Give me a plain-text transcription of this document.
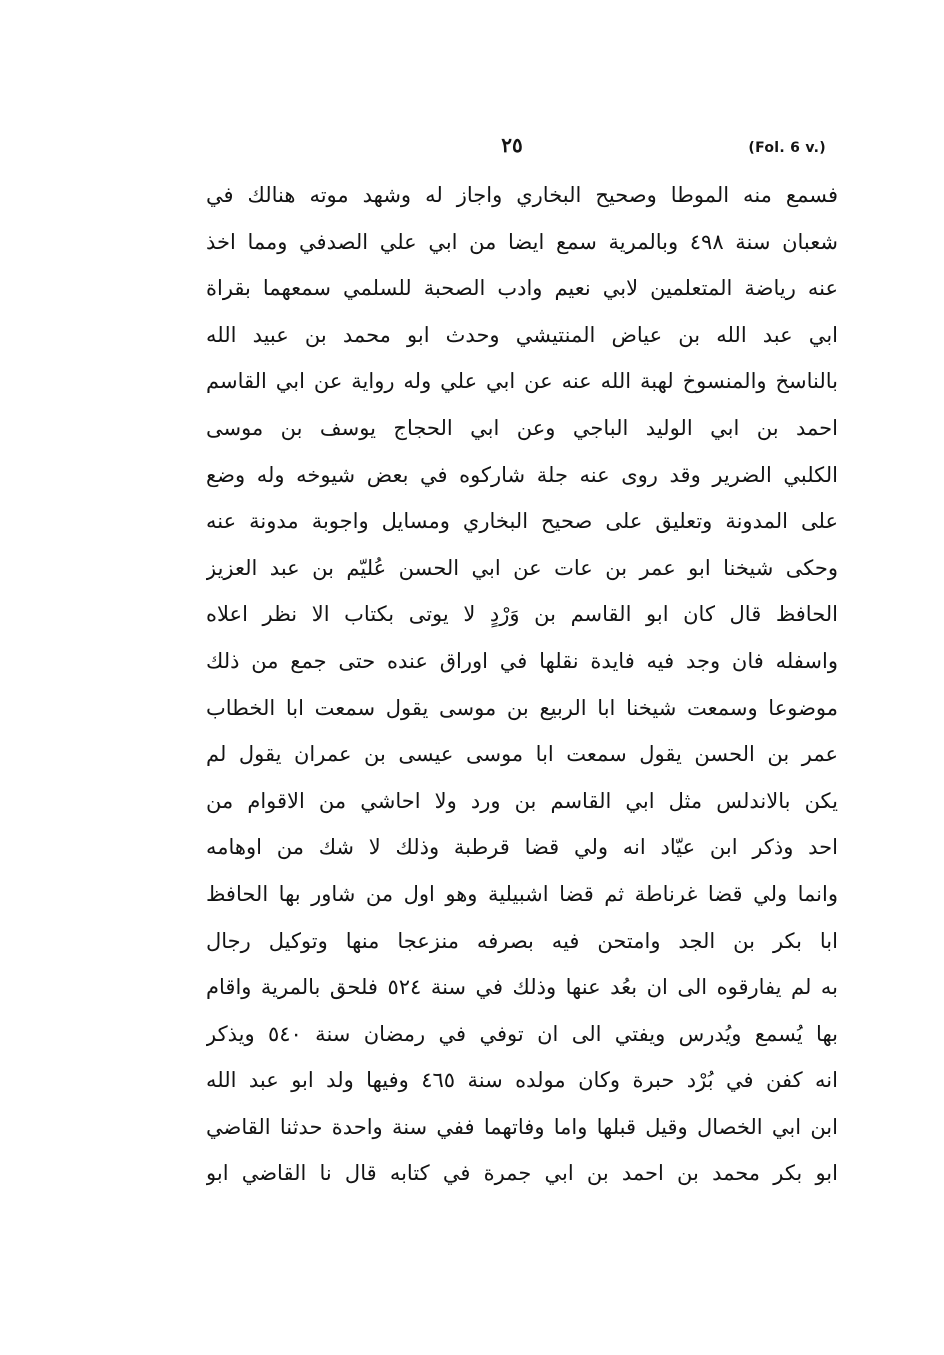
٢٥	(Fol. 6 v.)
فسمع منه الموطا وصحيح البخاري واجاز له وشهد موته هنالك في
شعبان سنة ٤٩٨ وبالمرية سمع ايضا من ابي علي الصدفي ومما اخذ
عنه رياضة المتعلمين لابي نعيم وادب الصحبة للسلمي سمعهما بقراة
ابي عبد الله بن عياض المنتيشي وحدث ابو محمد بن عبيد الله
بالناسخ والمنسوخ لهبة الله عنه عن ابي علي وله رواية عن ابي القاسم
احمد بن ابي الوليد الباجي وعن ابي الحجاج يوسف بن موسى
الكلبي الضرير وقد روى عنه جلة شاركوه في بعض شيوخه وله وضع
على المدونة وتعليق على صحيح البخاري ومسايل واجوبة مدونة عنه
وحكى شيخنا ابو عمر بن عات عن ابي الحسن عُليّم بن عبد العزيز
الحافظ قال كان ابو القاسم بن وَرْدٍ لا يوتى بكتاب الا نظر اعلاه
واسفله فان وجد فيه فايدة نقلها في اوراق عنده حتى جمع من ذلك
موضوعا وسمعت شيخنا ابا الربيع بن موسى يقول سمعت ابا الخطاب
عمر بن الحسن يقول سمعت ابا موسى عيسى بن عمران يقول لم
يكن بالاندلس مثل ابي القاسم بن ورد ولا احاشي من الاقوام من
احد وذكر ابن عيّاد انه ولي قضا قرطبة وذلك لا شك من اوهامه
وانما ولي قضا غرناطة ثم قضا اشبيلية وهو اول من شاور بها الحافظ
ابا بكر بن الجد وامتحن فيه بصرفه منزعجا منها وتوكيل رجال
به لم يفارقوه الى ان بعُد عنها وذلك في سنة ٥٢٤ فلحق بالمرية واقام
بها يُسمع ويُدرس ويفتي الى ان توفي في رمضان سنة ٥٤٠ ويذكر
انه كفن في بُرْد حبرة وكان مولده سنة ٤٦٥ وفيها ولد ابو عبد الله
ابن ابي الخصال وقيل قبلها واما وفاتهما ففي سنة واحدة حدثنا القاضي
ابو بكر محمد بن احمد بن ابي جمرة في كتابه قال نا القاضي ابو
